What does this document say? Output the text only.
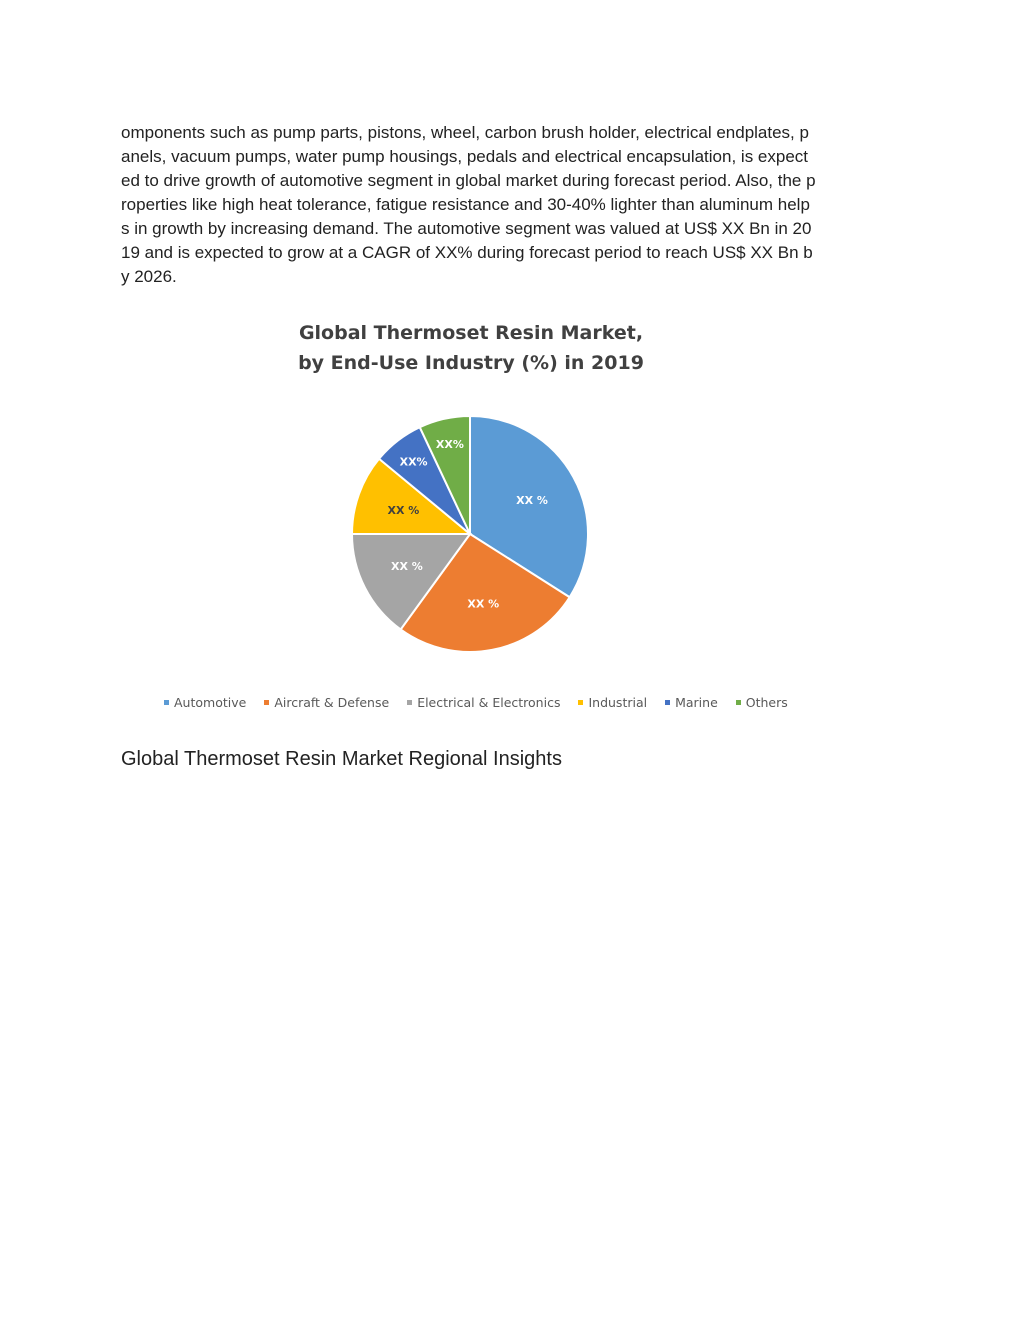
omponents such as pump parts, pistons, wheel, carbon brush holder, electrical endplates, p
anels, vacuum pumps, water pump housings, pedals and electrical encapsulation, is expect
ed to drive growth of automotive segment in global market during forecast period. Also, the p
roperties like high heat tolerance, fatigue resistance and 30-40% lighter than aluminum help
s in growth by increasing demand. The automotive segment was valued at US$ XX Bn in 20
19 and is expected to grow at a CAGR of XX% during forecast period to reach US$ XX Bn b
y 2026.
Global Thermoset Resin Market,
by End-Use Industry (%) in 2019
XX %
XX %
XX %
XX %
XX%
XX%
Automotive Aircraft & Defense Electrical & Electronics Industrial Marine Others
Global Thermoset Resin Market Regional Insights
